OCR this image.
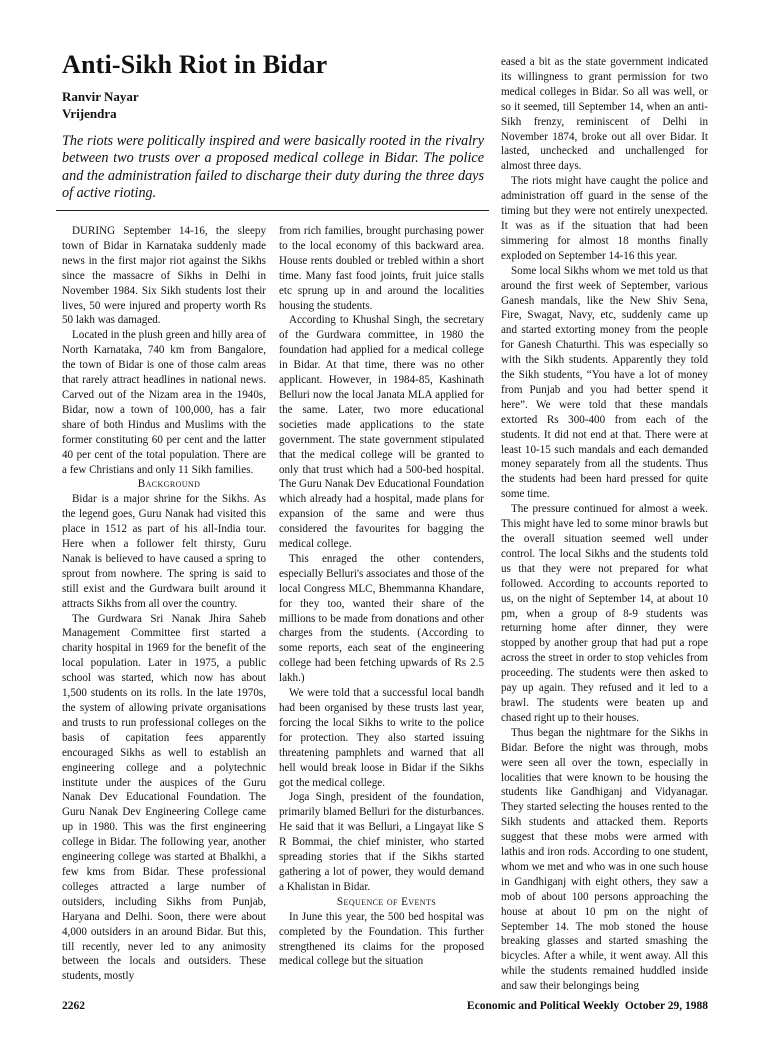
Anti-Sikh Riot in Bidar
Ranvir Nayar
Vrijendra

The riots were politically inspired and were basically rooted in the rivalry between two trusts over a proposed medical college in Bidar. The police and the administration failed to discharge their duty during the three days of active rioting.

DURING September 14-16, the sleepy town of Bidar in Karnataka suddenly made news in the first major riot against the Sikhs since the massacre of Sikhs in Delhi in November 1984. Six Sikh students lost their lives, 50 were injured and property worth Rs 50 lakh was damaged.

Located in the plush green and hilly area of North Karnataka, 740 km from Bangalore, the town of Bidar is one of those calm areas that rarely attract headlines in national news. Carved out of the Nizam area in the 1940s, Bidar, now a town of 100,000, has a fair share of both Hindus and Muslims with the former constituting 60 per cent and the latter 40 per cent of the total population. There are a few Christians and only 11 Sikh families.

Background

Bidar is a major shrine for the Sikhs. As the legend goes, Guru Nanak had visited this place in 1512 as part of his all-India tour. Here when a follower felt thirsty, Guru Nanak is believed to have caused a spring to sprout from nowhere. The spring is said to still exist and the Gurdwara built around it attracts Sikhs from all over the country.

The Gurdwara Sri Nanak Jhira Saheb Management Committee first started a charity hospital in 1969 for the benefit of the local population. Later in 1975, a public school was started, which now has about 1,500 students on its rolls. In the late 1970s, the system of allowing private organisations and trusts to run professional colleges on the basis of capitation fees apparently encouraged Sikhs as well to establish an engineering college and a polytechnic institute under the auspices of the Guru Nanak Dev Educational Foundation. The Guru Nanak Dev Engineering College came up in 1980. This was the first engineering college in Bidar. The following year, another engineering college was started at Bhalkhi, a few kms from Bidar. These professional colleges attracted a large number of outsiders, including Sikhs from Punjab, Haryana and Delhi. Soon, there were about 4,000 outsiders in an around Bidar. But this, till recently, never led to any animosity between the locals and outsiders. These students, mostly

from rich families, brought purchasing power to the local economy of this backward area. House rents doubled or trebled within a short time. Many fast food joints, fruit juice stalls etc sprung up in and around the localities housing the students.

According to Khushal Singh, the secretary of the Gurdwara committee, in 1980 the foundation had applied for a medical college in Bidar. At that time, there was no other applicant. However, in 1984-85, Kashinath Belluri now the local Janata MLA applied for the same. Later, two more educational societies made applications to the state government. The state government stipulated that the medical college will be granted to only that trust which had a 500-bed hospital. The Guru Nanak Dev Educational Foundation which already had a hospital, made plans for expansion of the same and were thus considered the favourites for bagging the medical college.

This enraged the other contenders, especially Belluri's associates and those of the local Congress MLC, Bhemmanna Khandare, for they too, wanted their share of the millions to be made from donations and other charges from the students. (According to some reports, each seat of the engineering college had been fetching upwards of Rs 2.5 lakh.)

We were told that a successful local bandh had been organised by these trusts last year, forcing the local Sikhs to write to the police for protection. They also started issuing threatening pamphlets and warned that all hell would break loose in Bidar if the Sikhs got the medical college.

Joga Singh, president of the foundation, primarily blamed Belluri for the disturbances. He said that it was Belluri, a Lingayat like S R Bommai, the chief minister, who started spreading stories that if the Sikhs started gathering a lot of power, they would demand a Khalistan in Bidar.

Sequence of Events

In June this year, the 500 bed hospital was completed by the Foundation. This further strengthened its claims for the proposed medical college but the situation

eased a bit as the state government indicated its willingness to grant permission for two medical colleges in Bidar. So all was well, or so it seemed, till September 14, when an anti-Sikh frenzy, reminiscent of Delhi in November 1874, broke out all over Bidar. It lasted, unchecked and unchallenged for almost three days.

The riots might have caught the police and administration off guard in the sense of the timing but they were not entirely unexpected. It was as if the situation that had been simmering for almost 18 months finally exploded on September 14-16 this year.

Some local Sikhs whom we met told us that around the first week of September, various Ganesh mandals, like the New Shiv Sena, Fire, Swagat, Navy, etc, suddenly came up and started extorting money from the people for Ganesh Chaturthi. This was especially so with the Sikh students. Apparently they told the Sikh students, “You have a lot of money from Punjab and you had better spend it here”. We were told that these mandals extorted Rs 300-400 from each of the students. It did not end at that. There were at least 10-15 such mandals and each demanded money separately from all the students. Thus the students had been hard pressed for quite some time.

The pressure continued for almost a week. This might have led to some minor brawls but the overall situation seemed well under control. The local Sikhs and the students told us that they were not prepared for what followed. According to accounts reported to us, on the night of September 14, at about 10 pm, when a group of 8-9 students was returning home after dinner, they were stopped by another group that had put a rope across the street in order to stop vehicles from proceeding. The students were then asked to pay up again. They refused and it led to a brawl. The students were beaten up and chased right up to their houses.

Thus began the nightmare for the Sikhs in Bidar. Before the night was through, mobs were seen all over the town, especially in localities that were known to be housing the students like Gandhiganj and Vidyanagar. They started selecting the houses rented to the Sikh students and attacked them. Reports suggest that these mobs were armed with lathis and iron rods. According to one student, whom we met and who was in one such house in Gandhiganj with eight others, they saw a mob of about 100 persons approaching the house at about 10 pm on the night of September 14. The mob stoned the house breaking glasses and started smashing the bicycles. After a while, it went away. All this while the students remained huddled inside and saw their belongings being

2262	Economic and Political Weekly October 29, 1988
